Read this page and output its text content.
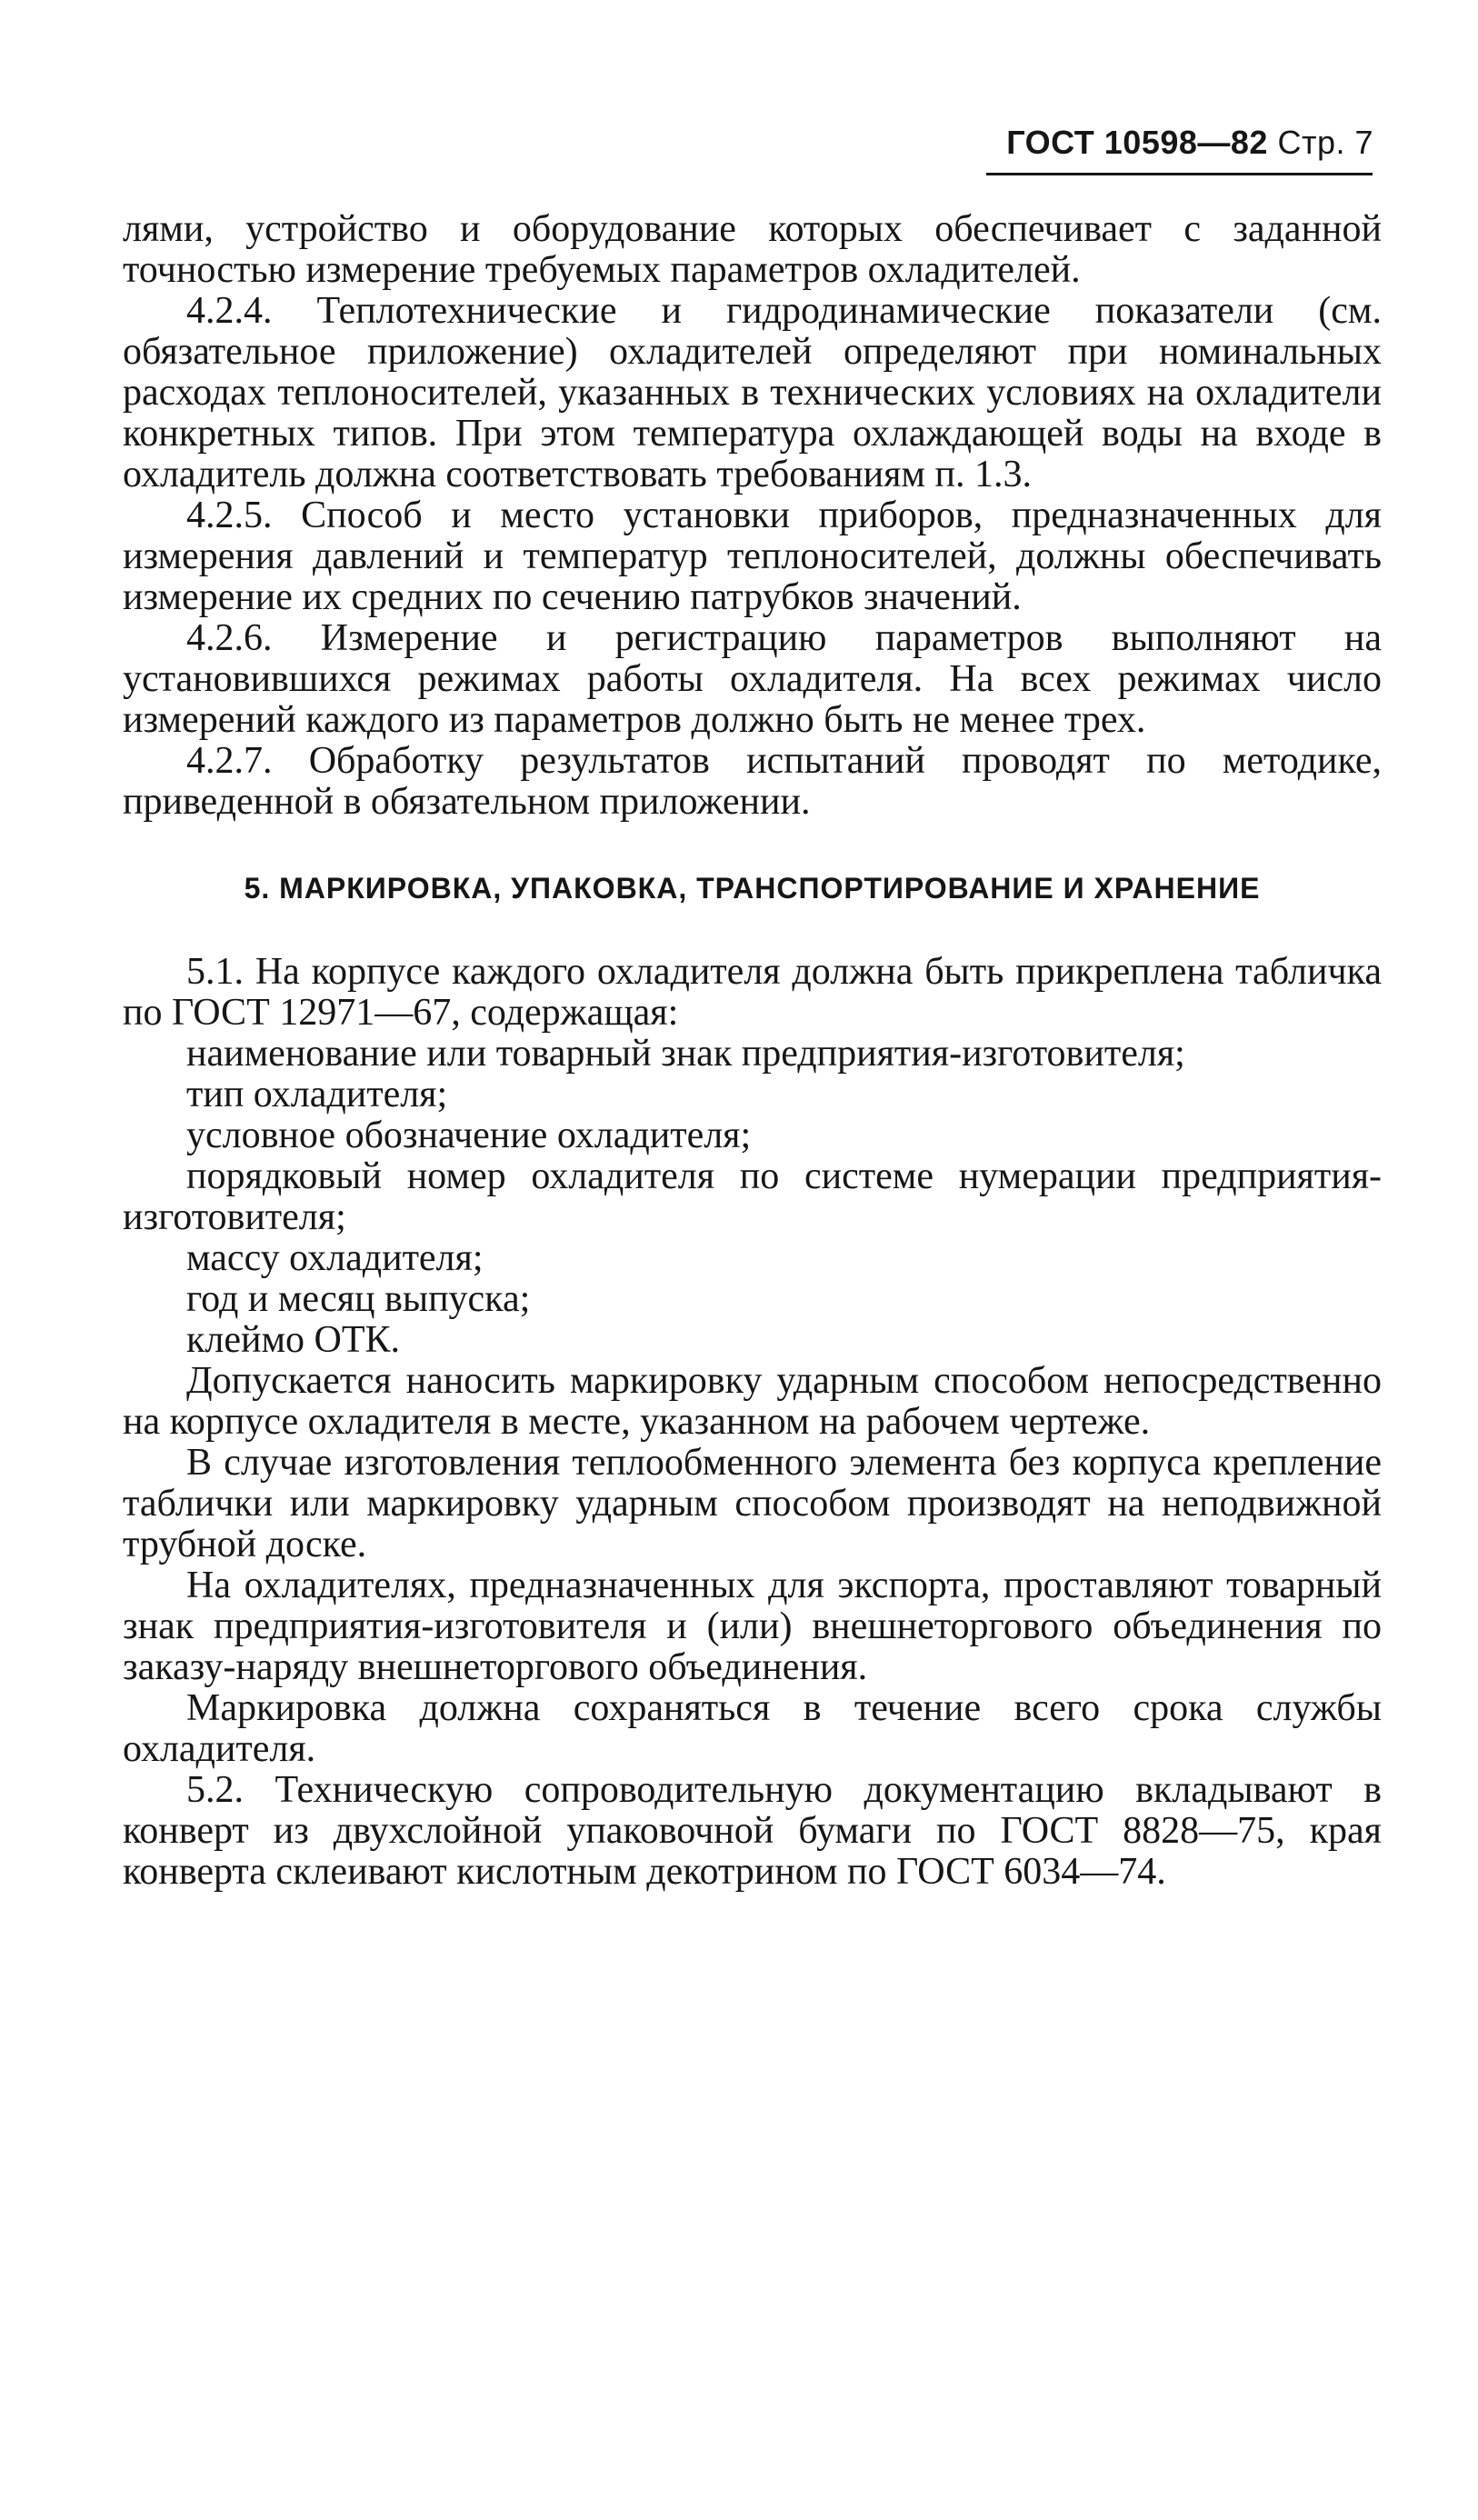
ГОСТ 10598—82 Стр. 7

лями, устройство и оборудование которых обеспечивает с заданной точностью измерение требуемых параметров охладителей.

4.2.4. Теплотехнические и гидродинамические показатели (см. обязательное приложение) охладителей определяют при номинальных расходах теплоносителей, указанных в технических условиях на охладители конкретных типов. При этом температура охлаждающей воды на входе в охладитель должна соответствовать требованиям п. 1.3.

4.2.5. Способ и место установки приборов, предназначенных для измерения давлений и температур теплоносителей, должны обеспечивать измерение их средних по сечению патрубков значений.

4.2.6. Измерение и регистрацию параметров выполняют на установившихся режимах работы охладителя. На всех режимах число измерений каждого из параметров должно быть не менее трех.

4.2.7. Обработку результатов испытаний проводят по методике, приведенной в обязательном приложении.

5. МАРКИРОВКА, УПАКОВКА, ТРАНСПОРТИРОВАНИЕ И ХРАНЕНИЕ

5.1. На корпусе каждого охладителя должна быть прикреплена табличка по ГОСТ 12971—67, содержащая:

наименование или товарный знак предприятия-изготовителя;

тип охладителя;

условное обозначение охладителя;

порядковый номер охладителя по системе нумерации предприятия-изготовителя;

массу охладителя;

год и месяц выпуска;

клеймо ОТК.

Допускается наносить маркировку ударным способом непосредственно на корпусе охладителя в месте, указанном на рабочем чертеже.

В случае изготовления теплообменного элемента без корпуса крепление таблички или маркировку ударным способом производят на неподвижной трубной доске.

На охладителях, предназначенных для экспорта, проставляют товарный знак предприятия-изготовителя и (или) внешнеторгового объединения по заказу-наряду внешнеторгового объединения.

Маркировка должна сохраняться в течение всего срока службы охладителя.

5.2. Техническую сопроводительную документацию вкладывают в конверт из двухслойной упаковочной бумаги по ГОСТ 8828—75, края конверта склеивают кислотным декотрином по ГОСТ 6034—74.
